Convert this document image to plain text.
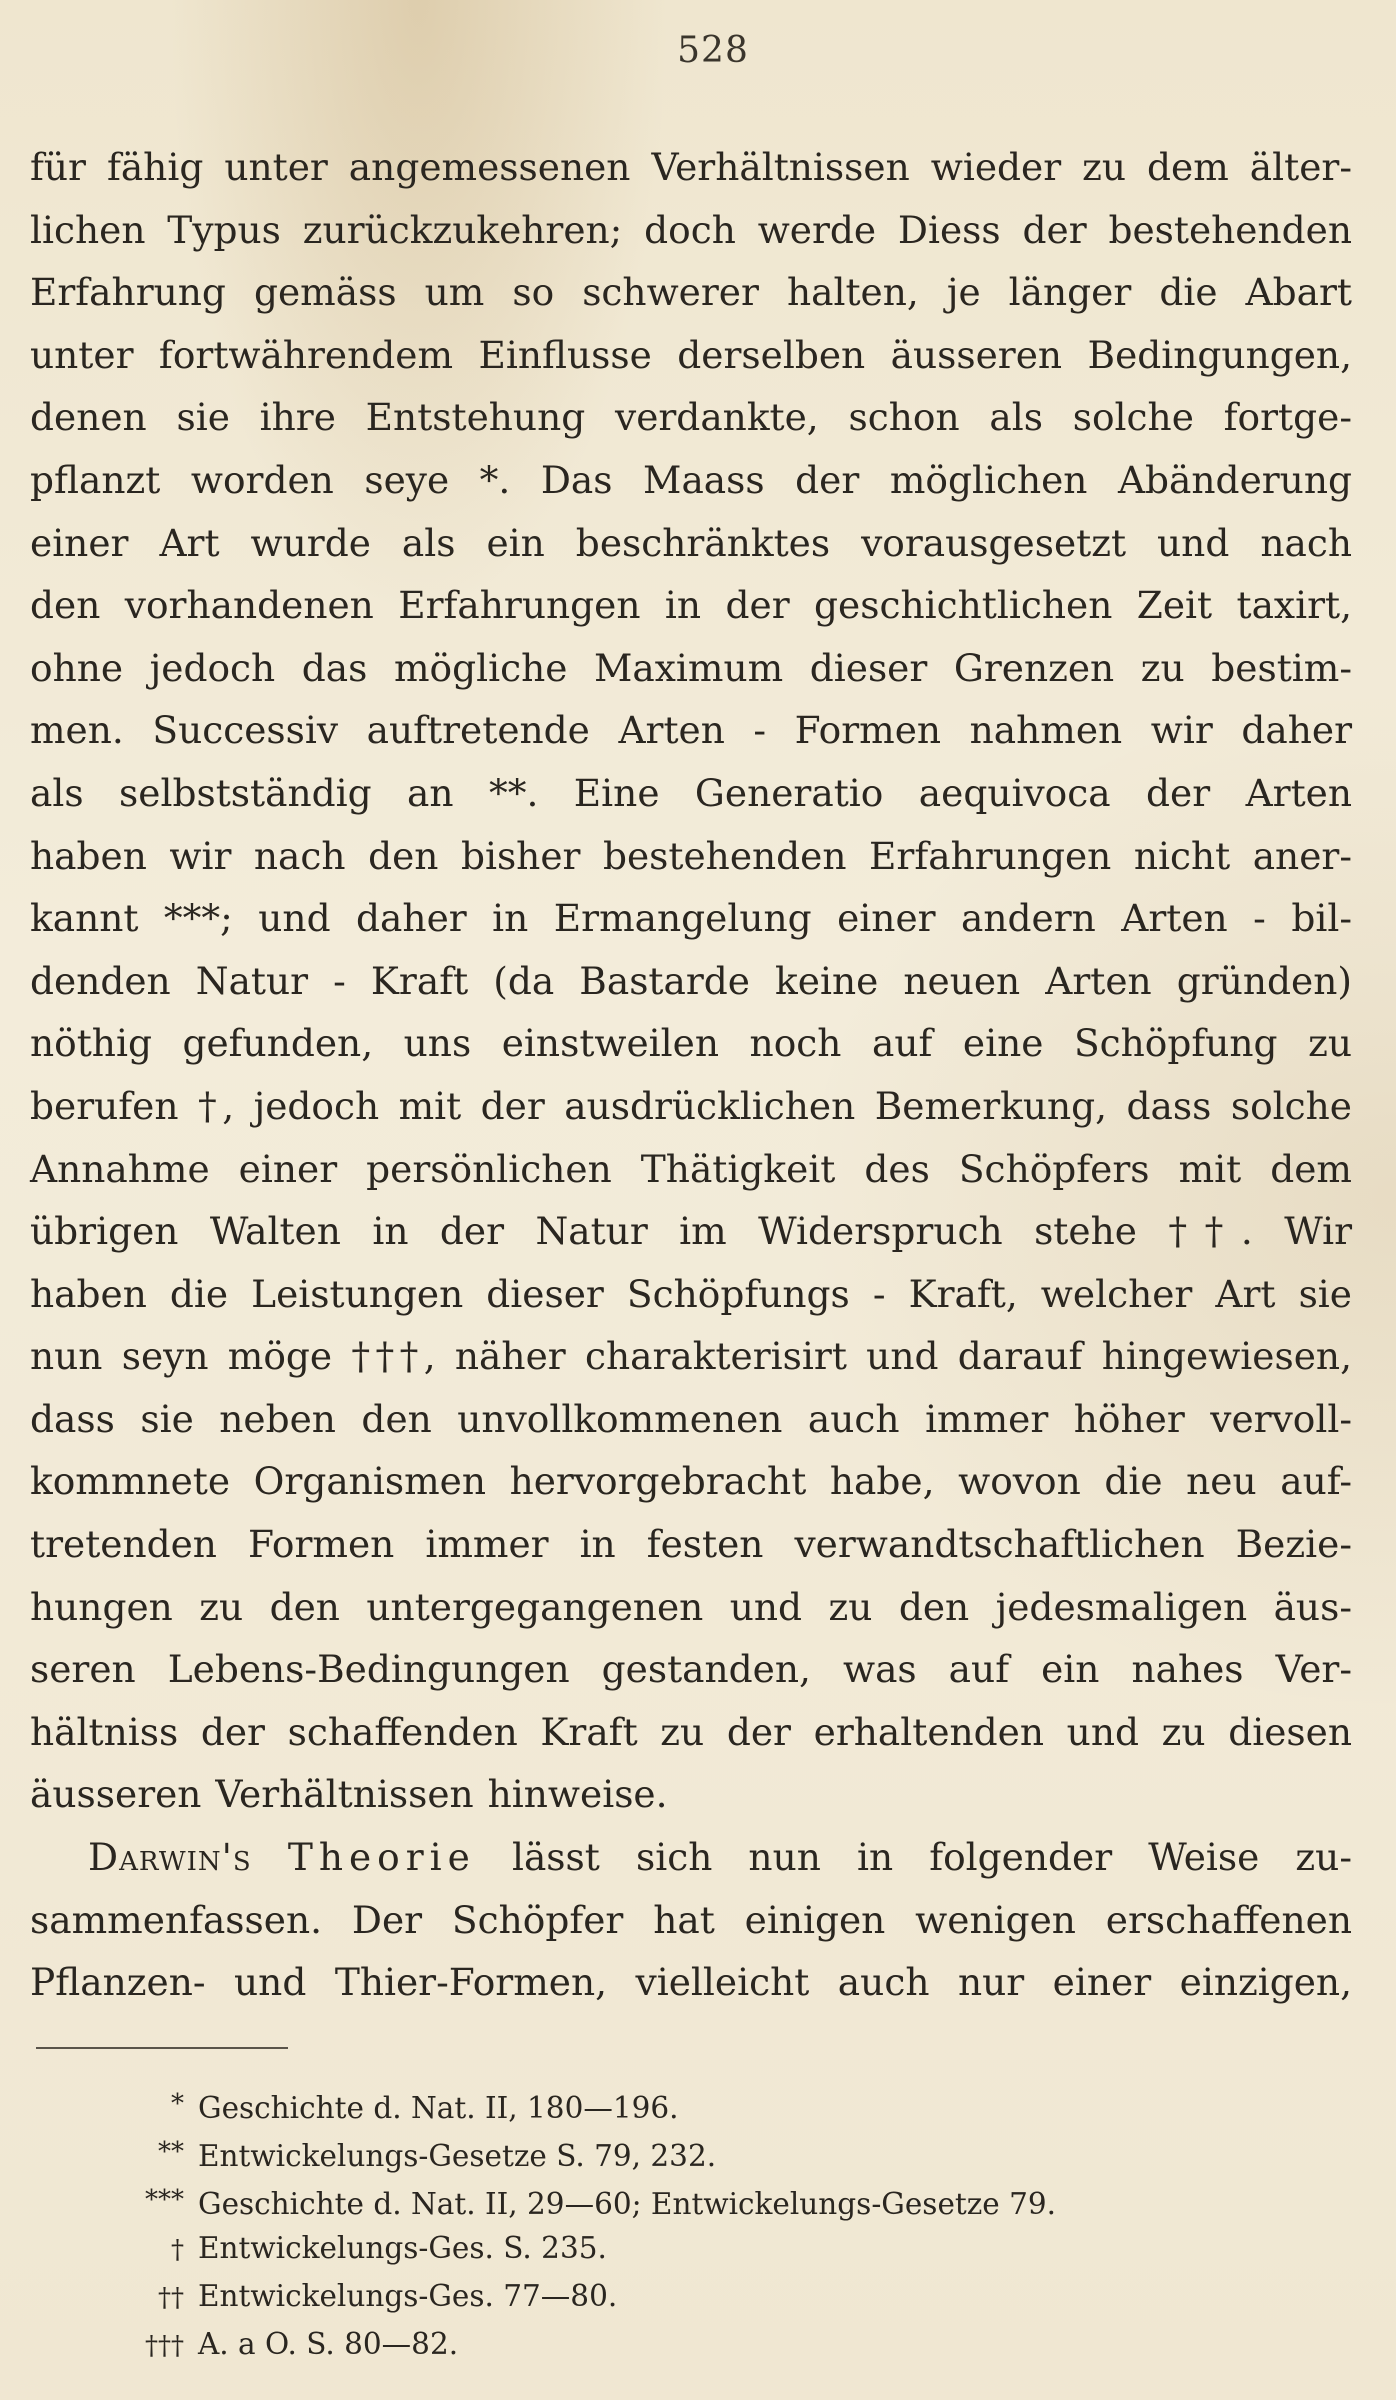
528
für fähig unter angemessenen Verhältnissen wieder zu dem älter-
lichen Typus zurückzukehren; doch werde Diess der bestehenden
Erfahrung gemäss um so schwerer halten, je länger die Abart
unter fortwährendem Einflusse derselben äusseren Bedingungen,
denen sie ihre Entstehung verdankte, schon als solche fortge-
pflanzt worden seye *. Das Maass der möglichen Abänderung
einer Art wurde als ein beschränktes vorausgesetzt und nach
den vorhandenen Erfahrungen in der geschichtlichen Zeit taxirt,
ohne jedoch das mögliche Maximum dieser Grenzen zu bestim-
men. Successiv auftretende Arten - Formen nahmen wir daher
als selbstständig an **. Eine Generatio aequivoca der Arten
haben wir nach den bisher bestehenden Erfahrungen nicht aner-
kannt ***; und daher in Ermangelung einer andern Arten - bil-
denden Natur - Kraft (da Bastarde keine neuen Arten gründen)
nöthig gefunden, uns einstweilen noch auf eine Schöpfung zu
berufen †, jedoch mit der ausdrücklichen Bemerkung, dass solche
Annahme einer persönlichen Thätigkeit des Schöpfers mit dem
übrigen Walten in der Natur im Widerspruch stehe ††. Wir
haben die Leistungen dieser Schöpfungs - Kraft, welcher Art sie
nun seyn möge †††, näher charakterisirt und darauf hingewiesen,
dass sie neben den unvollkommenen auch immer höher vervoll-
kommnete Organismen hervorgebracht habe, wovon die neu auf-
tretenden Formen immer in festen verwandtschaftlichen Bezie-
hungen zu den untergegangenen und zu den jedesmaligen äus-
seren Lebens-Bedingungen gestanden, was auf ein nahes Ver-
hältniss der schaffenden Kraft zu der erhaltenden und zu diesen
äusseren Verhältnissen hinweise.
Darwin's Theorie lässt sich nun in folgender Weise zu-
sammenfassen. Der Schöpfer hat einigen wenigen erschaffenen
Pflanzen- und Thier-Formen, vielleicht auch nur einer einzigen,
* Geschichte d. Nat. II, 180—196.
** Entwickelungs-Gesetze S. 79, 232.
*** Geschichte d. Nat. II, 29—60; Entwickelungs-Gesetze 79.
† Entwickelungs-Ges. S. 235.
†† Entwickelungs-Ges. 77—80.
††† A. a O. S. 80—82.
